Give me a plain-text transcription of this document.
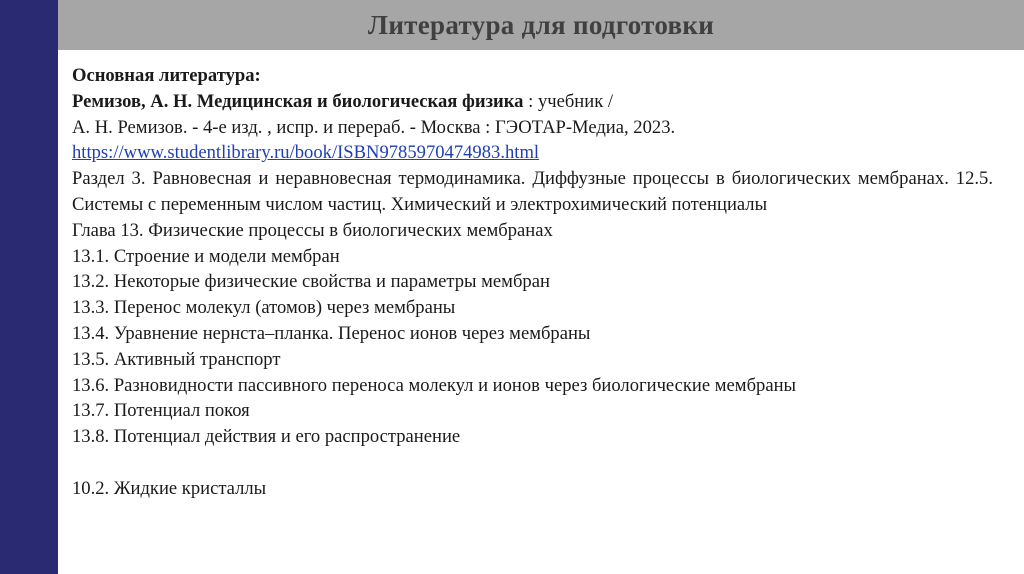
Литература для подготовки
Основная литература:
Ремизов, А. Н. Медицинская и биологическая физика : учебник /
А. Н. Ремизов. - 4-е изд. , испр. и перераб. - Москва : ГЭОТАР-Медиа, 2023.
https://www.studentlibrary.ru/book/ISBN9785970474983.html
Раздел 3. Равновесная и неравновесная термодинамика. Диффузные процессы в биологических мембранах. 12.5. Системы с переменным числом частиц. Химический и электрохимический потенциалы
Глава 13. Физические процессы в биологических мембранах
13.1. Строение и модели мембран
13.2. Некоторые физические свойства и параметры мембран
13.3. Перенос молекул (атомов) через мембраны
13.4. Уравнение нернста–планка. Перенос ионов через мембраны
13.5. Активный транспорт
13.6. Разновидности пассивного переноса молекул и ионов через биологические мембраны
13.7. Потенциал покоя
13.8. Потенциал действия и его распространение
10.2. Жидкие кристаллы
